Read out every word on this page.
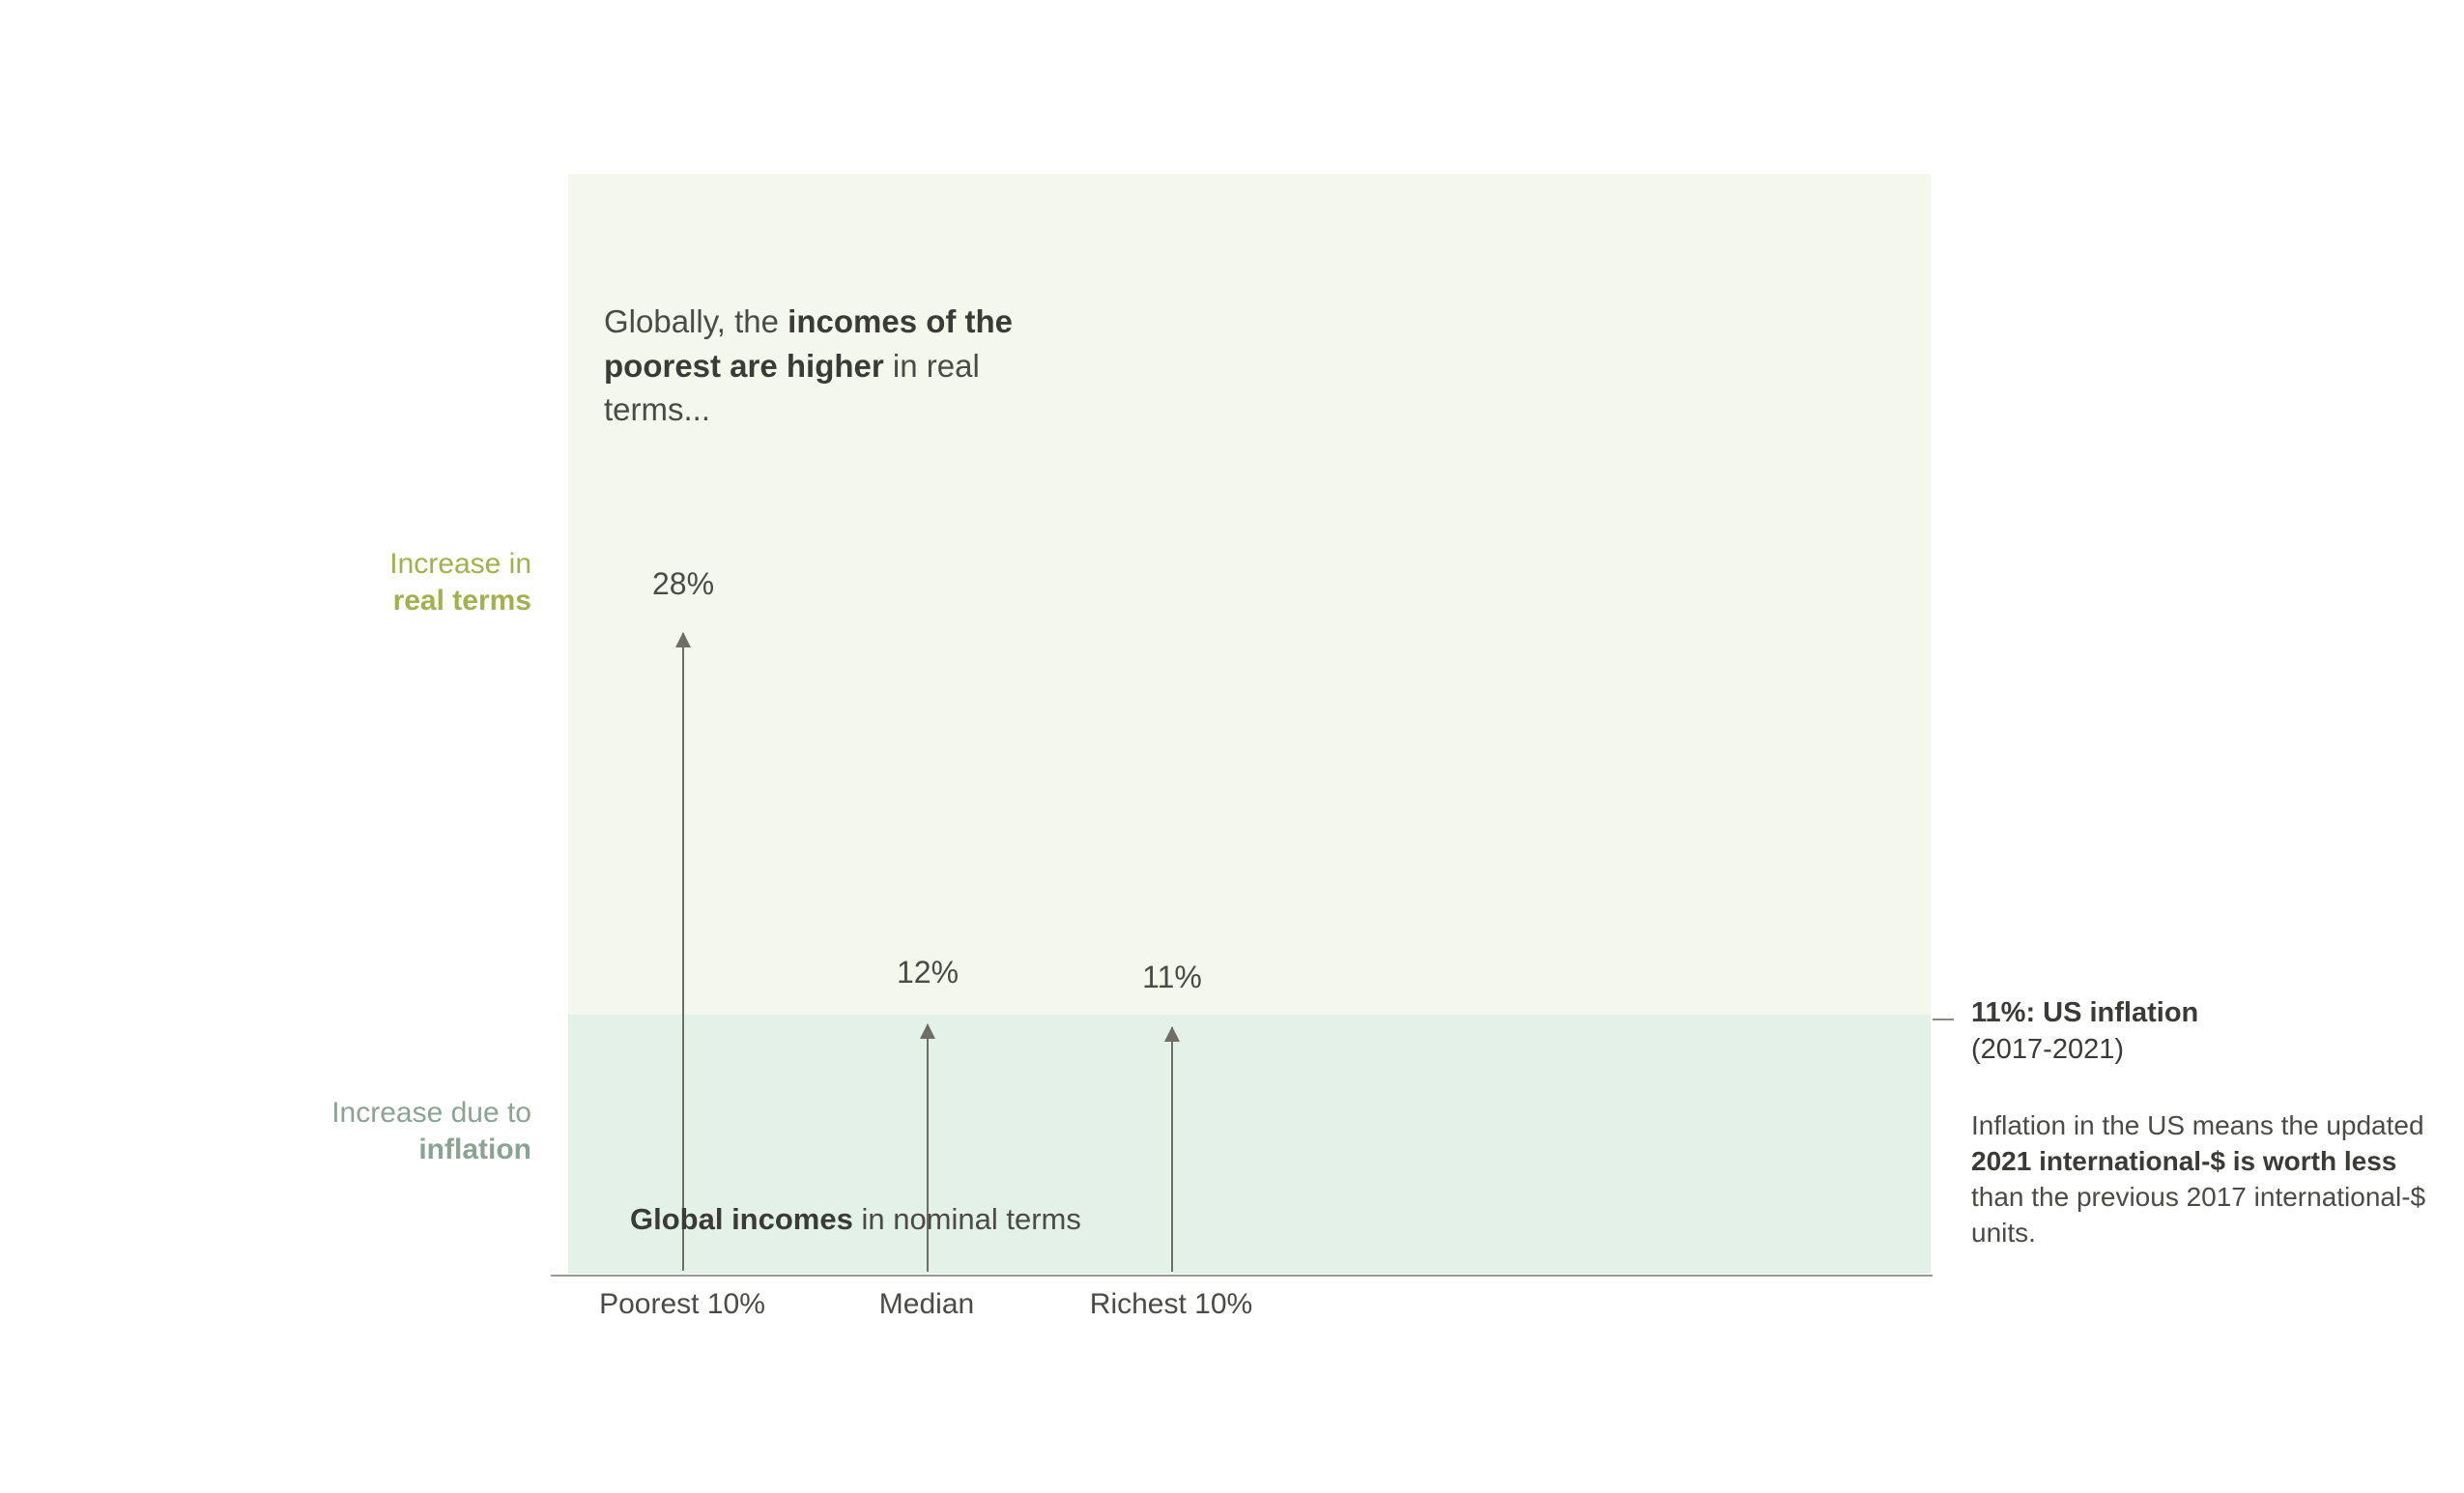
Increase in
real terms
Increase due to
inflation
Globally, the incomes of the poorest are higher in real terms...
28%
12%	11%
Global incomes in nominal terms
Poorest 10%	Median	Richest 10%
11%: US inflation
(2017-2021)
Inflation in the US means the updated 2021 international-$ is worth less than the previous 2017 international-$ units.
